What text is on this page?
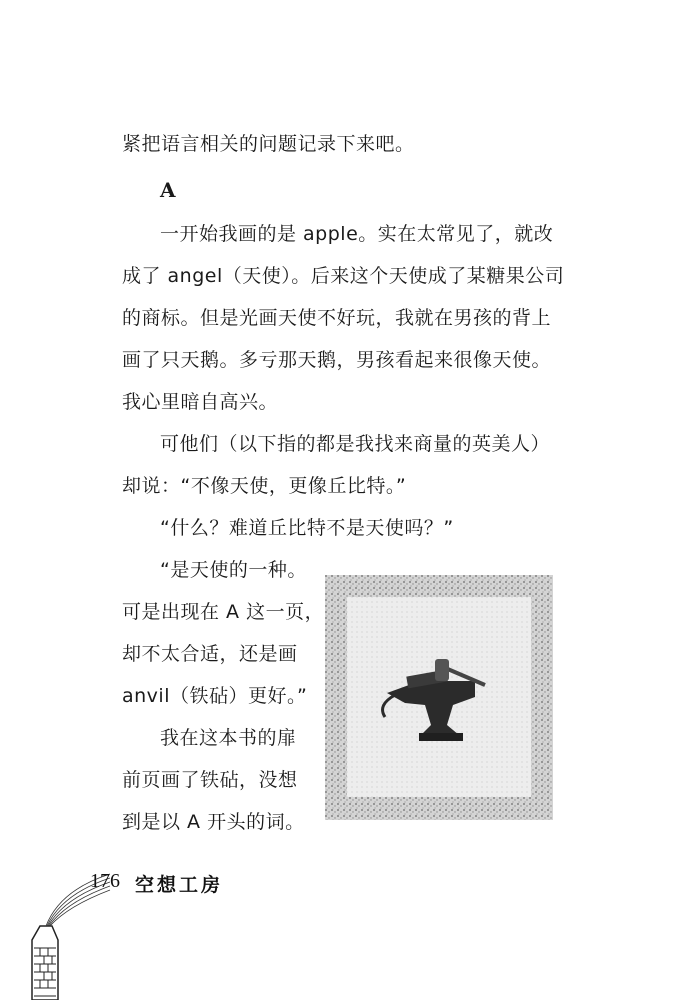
紧把语言相关的问题记录下来吧。
A
一开始我画的是 apple。实在太常见了，就改
成了 angel（天使）。后来这个天使成了某糖果公司
的商标。但是光画天使不好玩，我就在男孩的背上
画了只天鹅。多亏那天鹅，男孩看起来很像天使。
我心里暗自高兴。
可他们（以下指的都是我找来商量的英美人）
却说：“不像天使，更像丘比特。”
“什么？难道丘比特不是天使吗？”
“是天使的一种。
可是出现在 A 这一页，
却不太合适，还是画
anvil（铁砧）更好。”
我在这本书的扉
前页画了铁砧，没想
到是以 A 开头的词。
176 空想工房
